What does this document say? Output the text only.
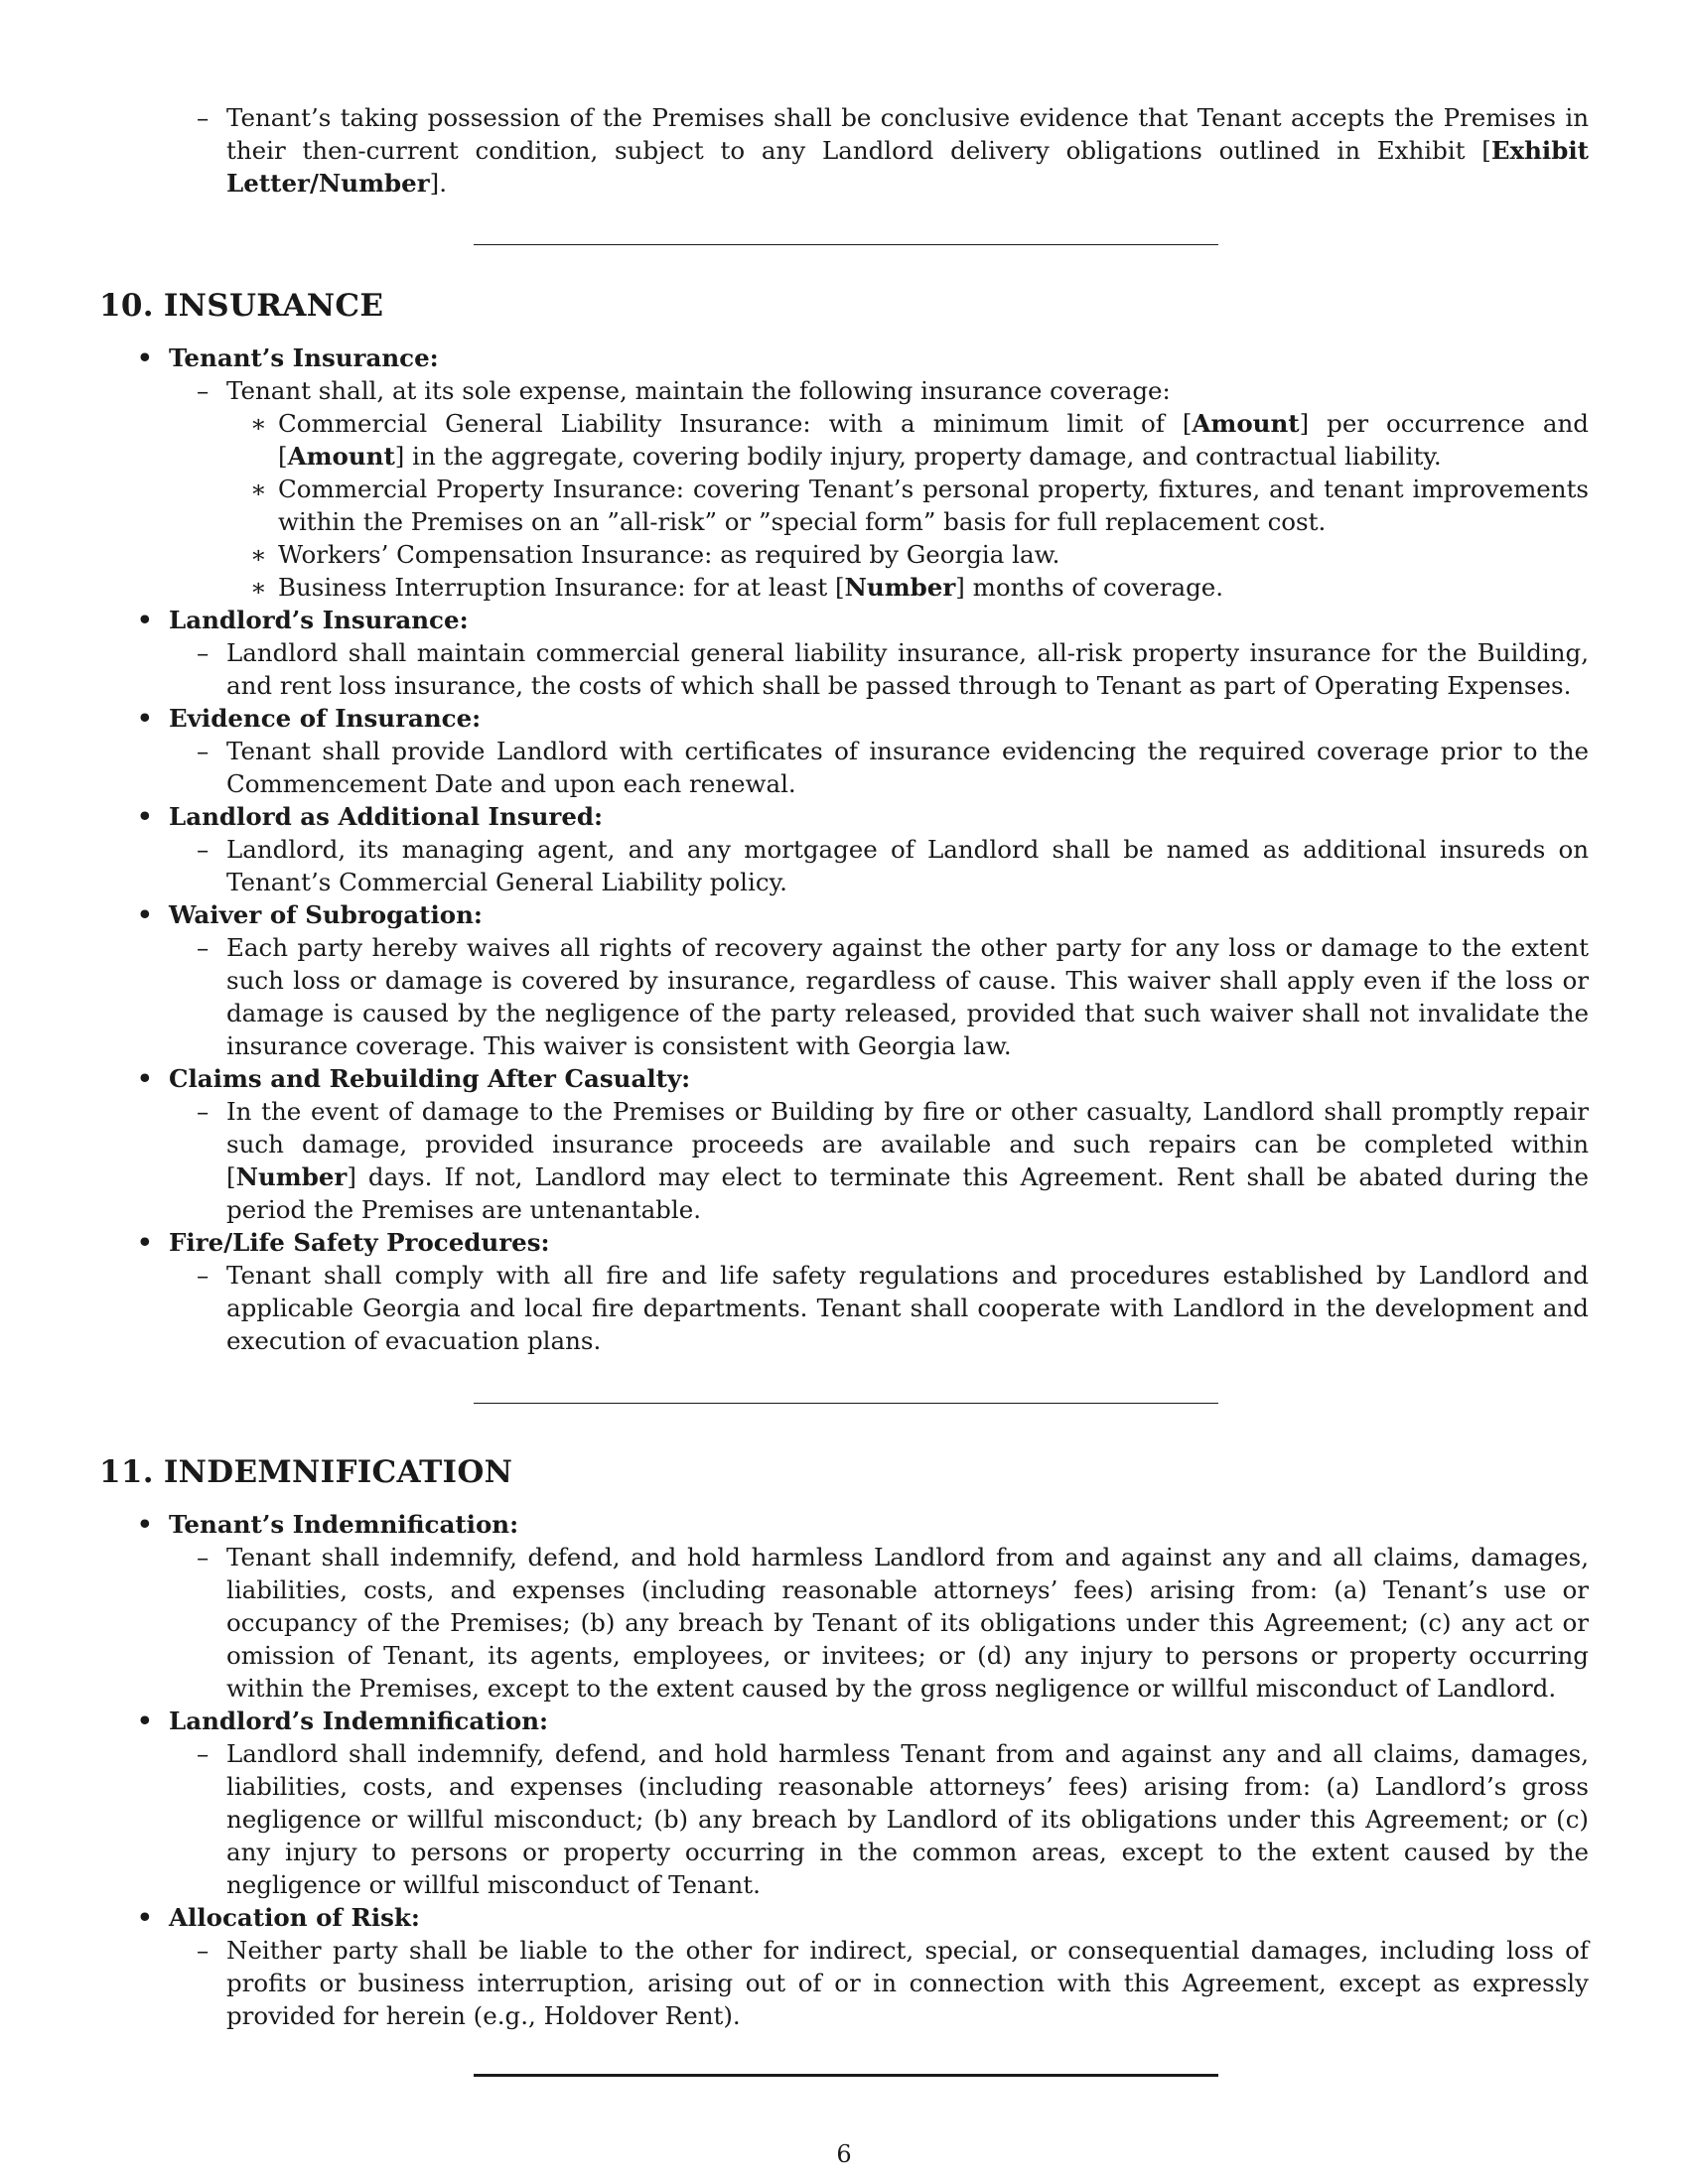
– Tenant’s taking possession of the Premises shall be conclusive evidence that Tenant accepts the Premises in their then-current condition, subject to any Landlord delivery obligations outlined in Exhibit [Exhibit Letter/Number].
10. INSURANCE
• Tenant’s Insurance:
– Tenant shall, at its sole expense, maintain the following insurance coverage:
∗ Commercial General Liability Insurance: with a minimum limit of [Amount] per occurrence and [Amount] in the aggregate, covering bodily injury, property damage, and contractual liability.
∗ Commercial Property Insurance: covering Tenant’s personal property, fixtures, and tenant improvements within the Premises on an ”all-risk” or ”special form” basis for full replacement cost.
∗ Workers’ Compensation Insurance: as required by Georgia law.
∗ Business Interruption Insurance: for at least [Number] months of coverage.
• Landlord’s Insurance:
– Landlord shall maintain commercial general liability insurance, all-risk property insurance for the Building, and rent loss insurance, the costs of which shall be passed through to Tenant as part of Operating Expenses.
• Evidence of Insurance:
– Tenant shall provide Landlord with certificates of insurance evidencing the required coverage prior to the Commencement Date and upon each renewal.
• Landlord as Additional Insured:
– Landlord, its managing agent, and any mortgagee of Landlord shall be named as additional insureds on Tenant’s Commercial General Liability policy.
• Waiver of Subrogation:
– Each party hereby waives all rights of recovery against the other party for any loss or damage to the extent such loss or damage is covered by insurance, regardless of cause. This waiver shall apply even if the loss or damage is caused by the negligence of the party released, provided that such waiver shall not invalidate the insurance coverage. This waiver is consistent with Georgia law.
• Claims and Rebuilding After Casualty:
– In the event of damage to the Premises or Building by fire or other casualty, Landlord shall promptly repair such damage, provided insurance proceeds are available and such repairs can be completed within [Number] days. If not, Landlord may elect to terminate this Agreement. Rent shall be abated during the period the Premises are untenantable.
• Fire/Life Safety Procedures:
– Tenant shall comply with all fire and life safety regulations and procedures established by Landlord and applicable Georgia and local fire departments. Tenant shall cooperate with Landlord in the development and execution of evacuation plans.
11. INDEMNIFICATION
• Tenant’s Indemnification:
– Tenant shall indemnify, defend, and hold harmless Landlord from and against any and all claims, damages, liabilities, costs, and expenses (including reasonable attorneys’ fees) arising from: (a) Tenant’s use or occupancy of the Premises; (b) any breach by Tenant of its obligations under this Agreement; (c) any act or omission of Tenant, its agents, employees, or invitees; or (d) any injury to persons or property occurring within the Premises, except to the extent caused by the gross negligence or willful misconduct of Landlord.
• Landlord’s Indemnification:
– Landlord shall indemnify, defend, and hold harmless Tenant from and against any and all claims, damages, liabilities, costs, and expenses (including reasonable attorneys’ fees) arising from: (a) Landlord’s gross negligence or willful misconduct; (b) any breach by Landlord of its obligations under this Agreement; or (c) any injury to persons or property occurring in the common areas, except to the extent caused by the negligence or willful misconduct of Tenant.
• Allocation of Risk:
– Neither party shall be liable to the other for indirect, special, or consequential damages, including loss of profits or business interruption, arising out of or in connection with this Agreement, except as expressly provided for herein (e.g., Holdover Rent).
6
